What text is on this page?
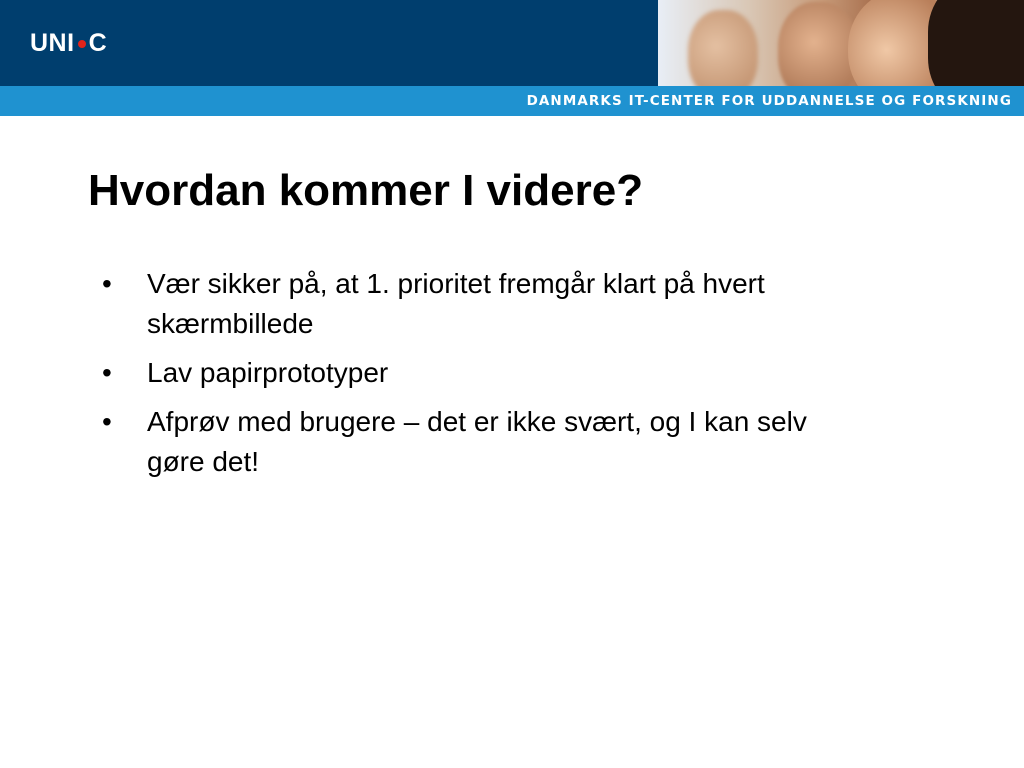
UNI C
DANMARKS IT-CENTER FOR UDDANNELSE OG FORSKNING
Hvordan kommer I videre?
• Vær sikker på, at 1. prioritet fremgår klart på hvert skærmbillede
• Lav papirprototyper
• Afprøv med brugere – det er ikke svært, og I kan selv gøre det!
